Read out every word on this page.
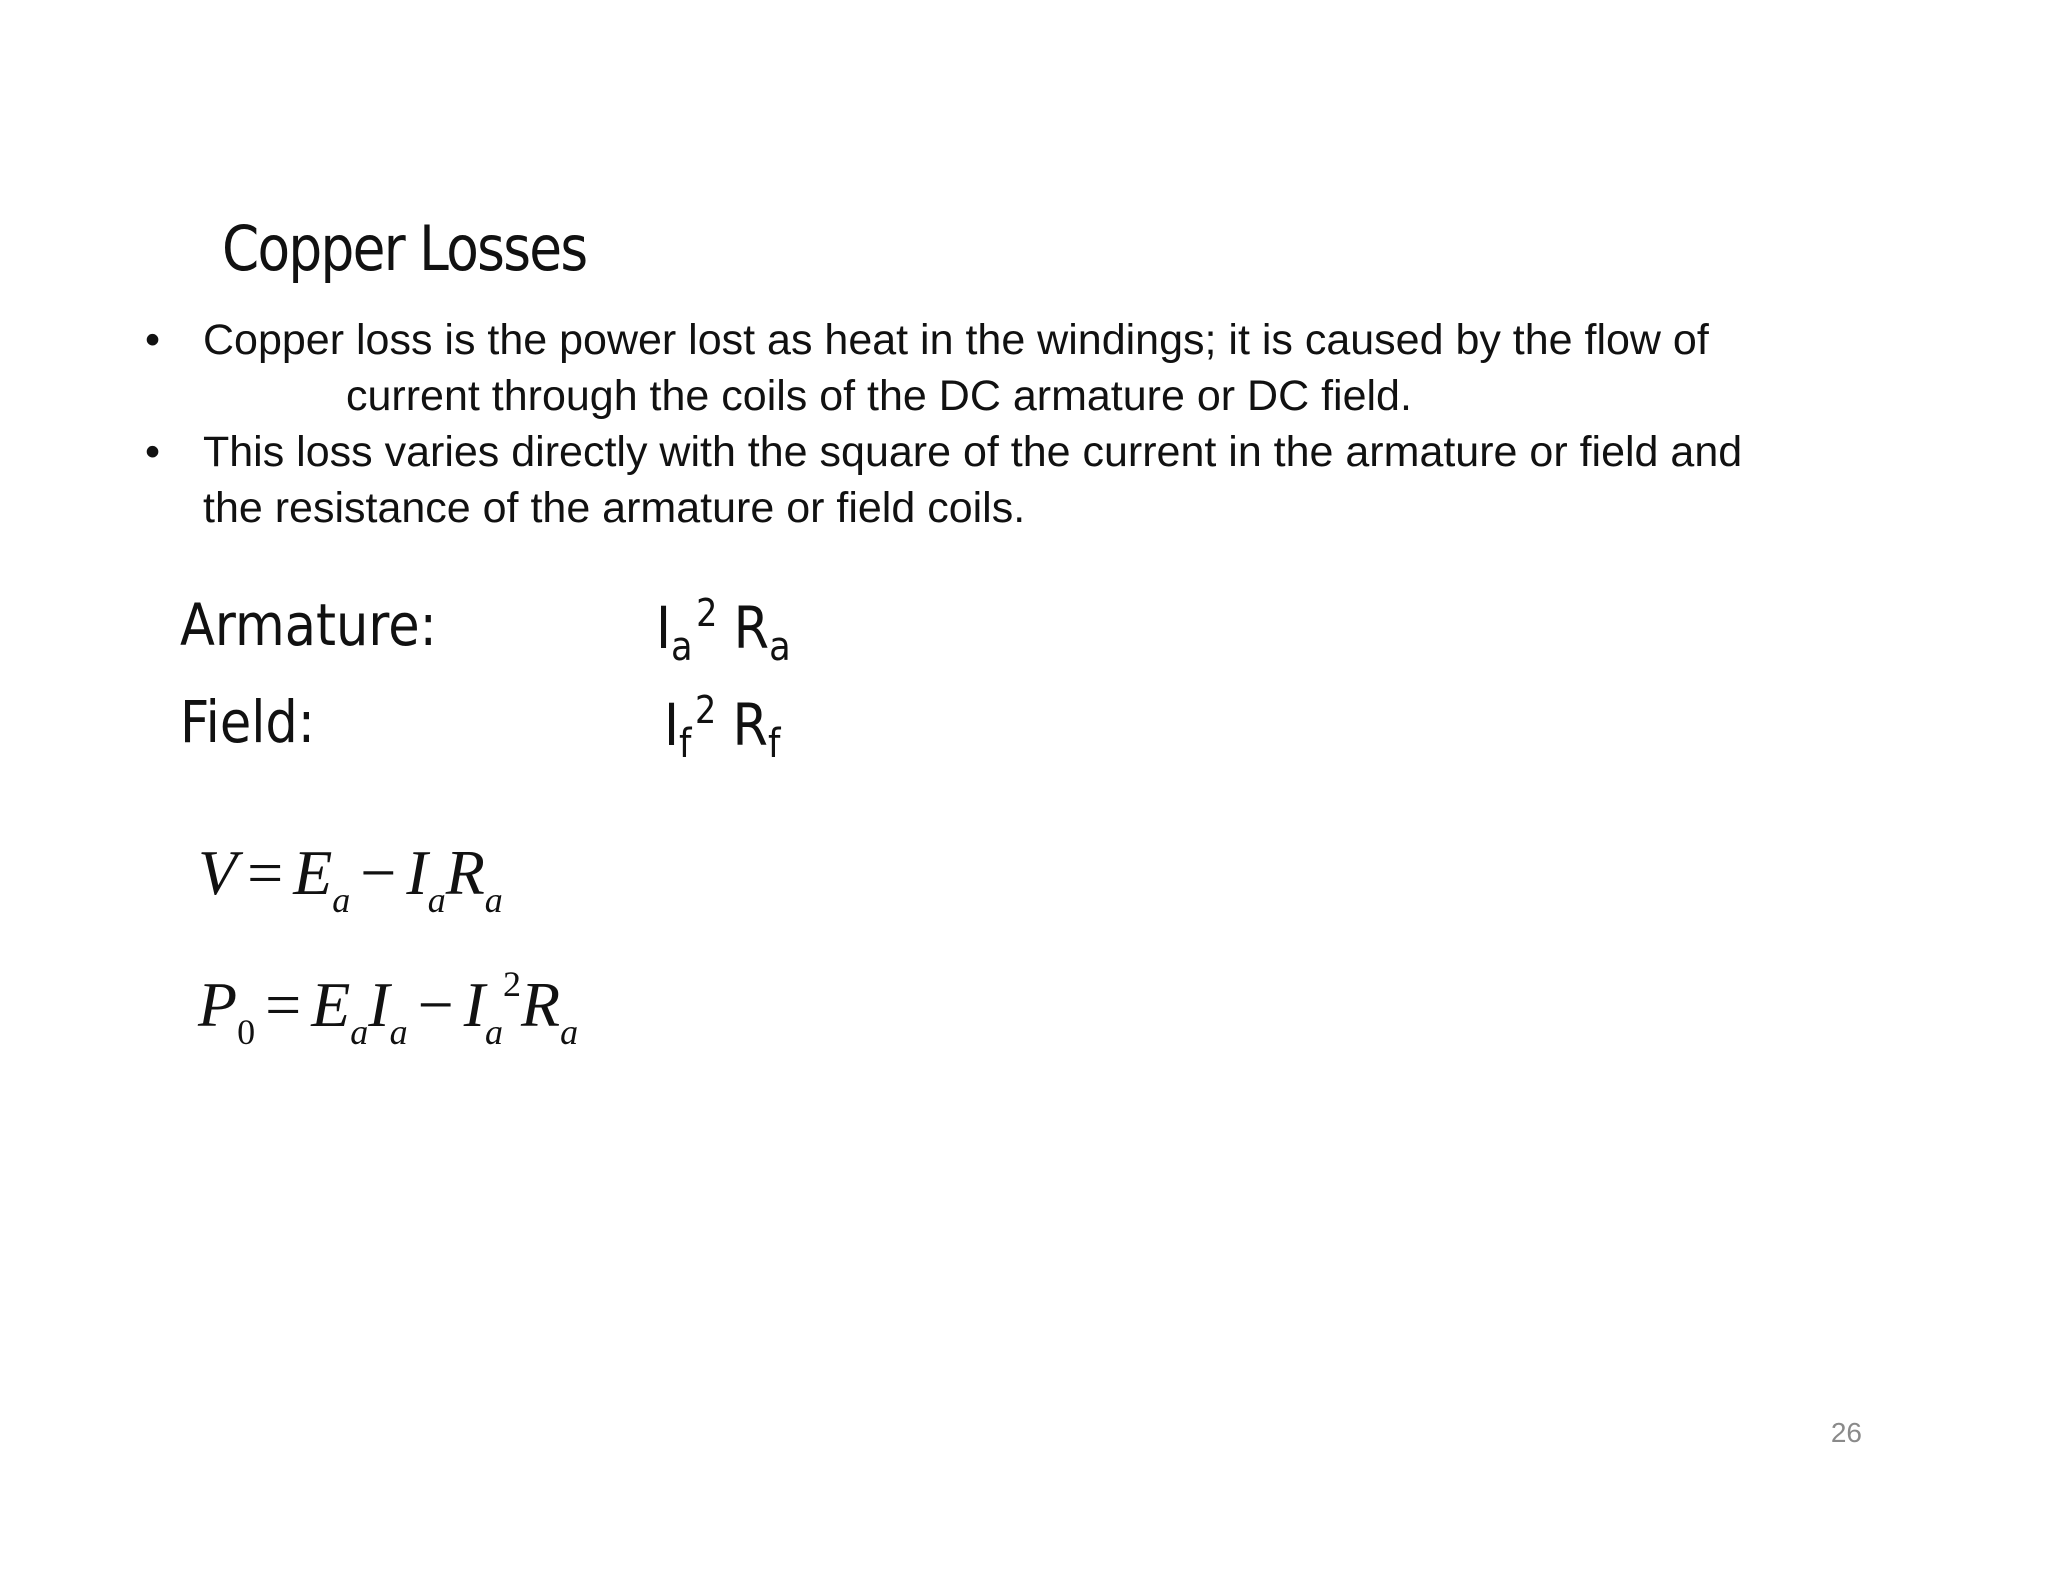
Copper Losses
• Copper loss is the power lost as heat in the windings; it is caused by the flow of
current through the coils of the DC armature or DC field.
• This loss varies directly with the square of the current in the armature or field and
the resistance of the armature or field coils.
Armature:	$I_a^2$ $R_a$
Field:	$I_f^2$ $R_f$
$V = E_a - I_aR_a$
$P_0 = E_aI_a - I_a^2R_a$
26
